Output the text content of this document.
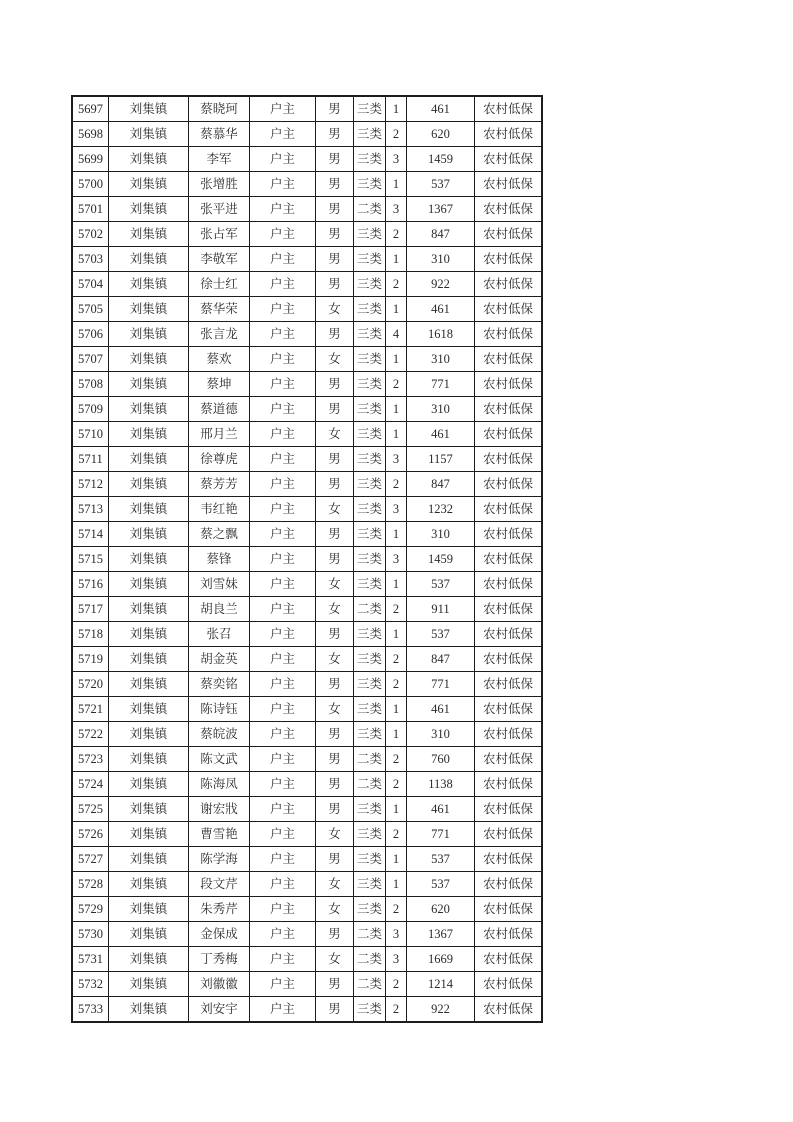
5697	刘集镇	蔡晓珂	户主	男	三类	1	461	农村低保
5698	刘集镇	蔡慕华	户主	男	三类	2	620	农村低保
5699	刘集镇	李军	户主	男	三类	3	1459	农村低保
5700	刘集镇	张增胜	户主	男	三类	1	537	农村低保
5701	刘集镇	张平进	户主	男	二类	3	1367	农村低保
5702	刘集镇	张占军	户主	男	三类	2	847	农村低保
5703	刘集镇	李敬军	户主	男	三类	1	310	农村低保
5704	刘集镇	徐士红	户主	男	三类	2	922	农村低保
5705	刘集镇	蔡华荣	户主	女	三类	1	461	农村低保
5706	刘集镇	张言龙	户主	男	三类	4	1618	农村低保
5707	刘集镇	蔡欢	户主	女	三类	1	310	农村低保
5708	刘集镇	蔡坤	户主	男	三类	2	771	农村低保
5709	刘集镇	蔡道德	户主	男	三类	1	310	农村低保
5710	刘集镇	邢月兰	户主	女	三类	1	461	农村低保
5711	刘集镇	徐尊虎	户主	男	三类	3	1157	农村低保
5712	刘集镇	蔡芳芳	户主	男	三类	2	847	农村低保
5713	刘集镇	韦红艳	户主	女	三类	3	1232	农村低保
5714	刘集镇	蔡之飘	户主	男	三类	1	310	农村低保
5715	刘集镇	蔡锋	户主	男	三类	3	1459	农村低保
5716	刘集镇	刘雪妹	户主	女	三类	1	537	农村低保
5717	刘集镇	胡良兰	户主	女	二类	2	911	农村低保
5718	刘集镇	张召	户主	男	三类	1	537	农村低保
5719	刘集镇	胡金英	户主	女	三类	2	847	农村低保
5720	刘集镇	蔡奕铭	户主	男	三类	2	771	农村低保
5721	刘集镇	陈诗钰	户主	女	三类	1	461	农村低保
5722	刘集镇	蔡皖波	户主	男	三类	1	310	农村低保
5723	刘集镇	陈文武	户主	男	二类	2	760	农村低保
5724	刘集镇	陈海凤	户主	男	二类	2	1138	农村低保
5725	刘集镇	谢宏戕	户主	男	三类	1	461	农村低保
5726	刘集镇	曹雪艳	户主	女	三类	2	771	农村低保
5727	刘集镇	陈学海	户主	男	三类	1	537	农村低保
5728	刘集镇	段文芹	户主	女	三类	1	537	农村低保
5729	刘集镇	朱秀芹	户主	女	三类	2	620	农村低保
5730	刘集镇	金保成	户主	男	二类	3	1367	农村低保
5731	刘集镇	丁秀梅	户主	女	二类	3	1669	农村低保
5732	刘集镇	刘徽徽	户主	男	二类	2	1214	农村低保
5733	刘集镇	刘安宇	户主	男	三类	2	922	农村低保
